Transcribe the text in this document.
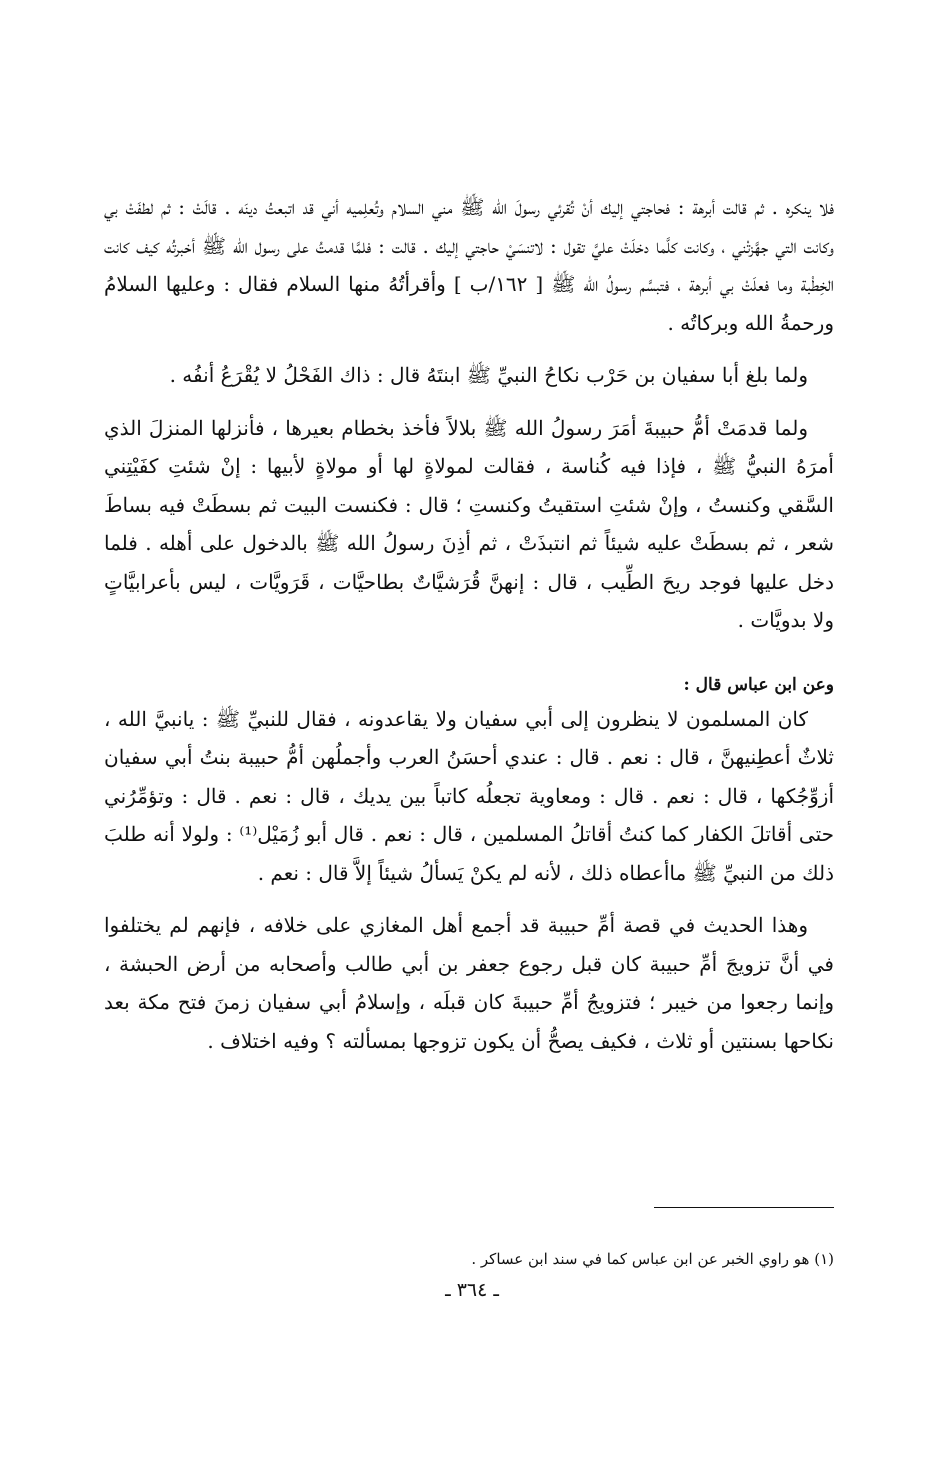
فلا ينكره . ثم قالت أبرهة : فحاجتي إليك أنْ تُقرئي رسولَ الله ﷺ مني السلام وتُعلِميه أني قد اتبعتُ دينَه . قالَتْ : ثم لطفَتْ بي وكانت التي جهَّزتْني ، وكانت كلَّما دخلَتْ عليَّ تقول : لاتنسَيْ حاجتي إليك . قالت : فلمَّا قدمتُ على رسول الله ﷺ أخبرتُه كيف كانت الخِطْبة وما فعلَتْ بي أبرهة ، فتبسَّم رسولُ الله ﷺ [ ١٦٢/ب ] وأقرأتُهُ منها السلام فقال : وعليها السلامُ ورحمةُ الله وبركاتُه .

ولما بلغ أبا سفيان بن حَرْب نكاحُ النبيِّ ﷺ ابنتَهُ قال : ذاك الفَحْلُ لا يُقْرَعُ أنفُه .

ولما قدمَتْ أمُّ حبيبةَ أمَرَ رسولُ الله ﷺ بلالاً فأخذ بخطام بعيرها ، فأنزلها المنزلَ الذي أمرَهُ النبيُّ ﷺ ، فإذا فيه كُناسة ، فقالت لمولاةٍ لها أو مولاةٍ لأبيها : إنْ شئتِ كفَيْتِني السَّقي وكنستُ ، وإنْ شئتِ استقيتُ وكنستِ ؛ قال : فكنست البيت ثم بسطَتْ فيه بساطَ شعر ، ثم بسطَتْ عليه شيئاً ثم انتبذَتْ ، ثم أذِنَ رسولُ الله ﷺ بالدخول على أهله . فلما دخل عليها فوجد ريحَ الطِّيب ، قال : إنهنَّ قُرَشيَّاتٌ بطاحيَّات ، قَرَويَّات ، ليس بأعرابيَّاتٍ ولا بدويَّات .

وعن ابن عباس قال :

كان المسلمون لا ينظرون إلى أبي سفيان ولا يقاعدونه ، فقال للنبيِّ ﷺ : يانبيَّ الله ، ثلاثٌ أعطِنيهنَّ ، قال : نعم . قال : عندي أحسَنُ العرب وأجملُهن أمُّ حبيبة بنتُ أبي سفيان أزوِّجُكها ، قال : نعم . قال : ومعاوية تجعلُه كاتباً بين يديك ، قال : نعم . قال : وتؤمِّرُني حتى أقاتلَ الكفار كما كنتُ أقاتلُ المسلمين ، قال : نعم . قال أبو زُمَيْل⁽¹⁾ : ولولا أنه طلبَ ذلك من النبيِّ ﷺ ماأعطاه ذلك ، لأنه لم يكنْ يَسألُ شيئاً إلاَّ قال : نعم .

وهذا الحديث في قصة أمِّ حبيبة قد أجمع أهل المغازي على خلافه ، فإنهم لم يختلفوا في أنَّ تزويجَ أمِّ حبيبة كان قبل رجوع جعفر بن أبي طالب وأصحابه من أرض الحبشة ، وإنما رجعوا من خيبر ؛ فتزويجُ أمِّ حبيبةَ كان قبلَه ، وإسلامُ أبي سفيان زمنَ فتح مكة بعد نكاحها بسنتين أو ثلاث ، فكيف يصحُّ أن يكون تزوجها بمسألته ؟ وفيه اختلاف .

(١) هو راوي الخبر عن ابن عباس كما في سند ابن عساكر .

ـ ٣٦٤ ـ
